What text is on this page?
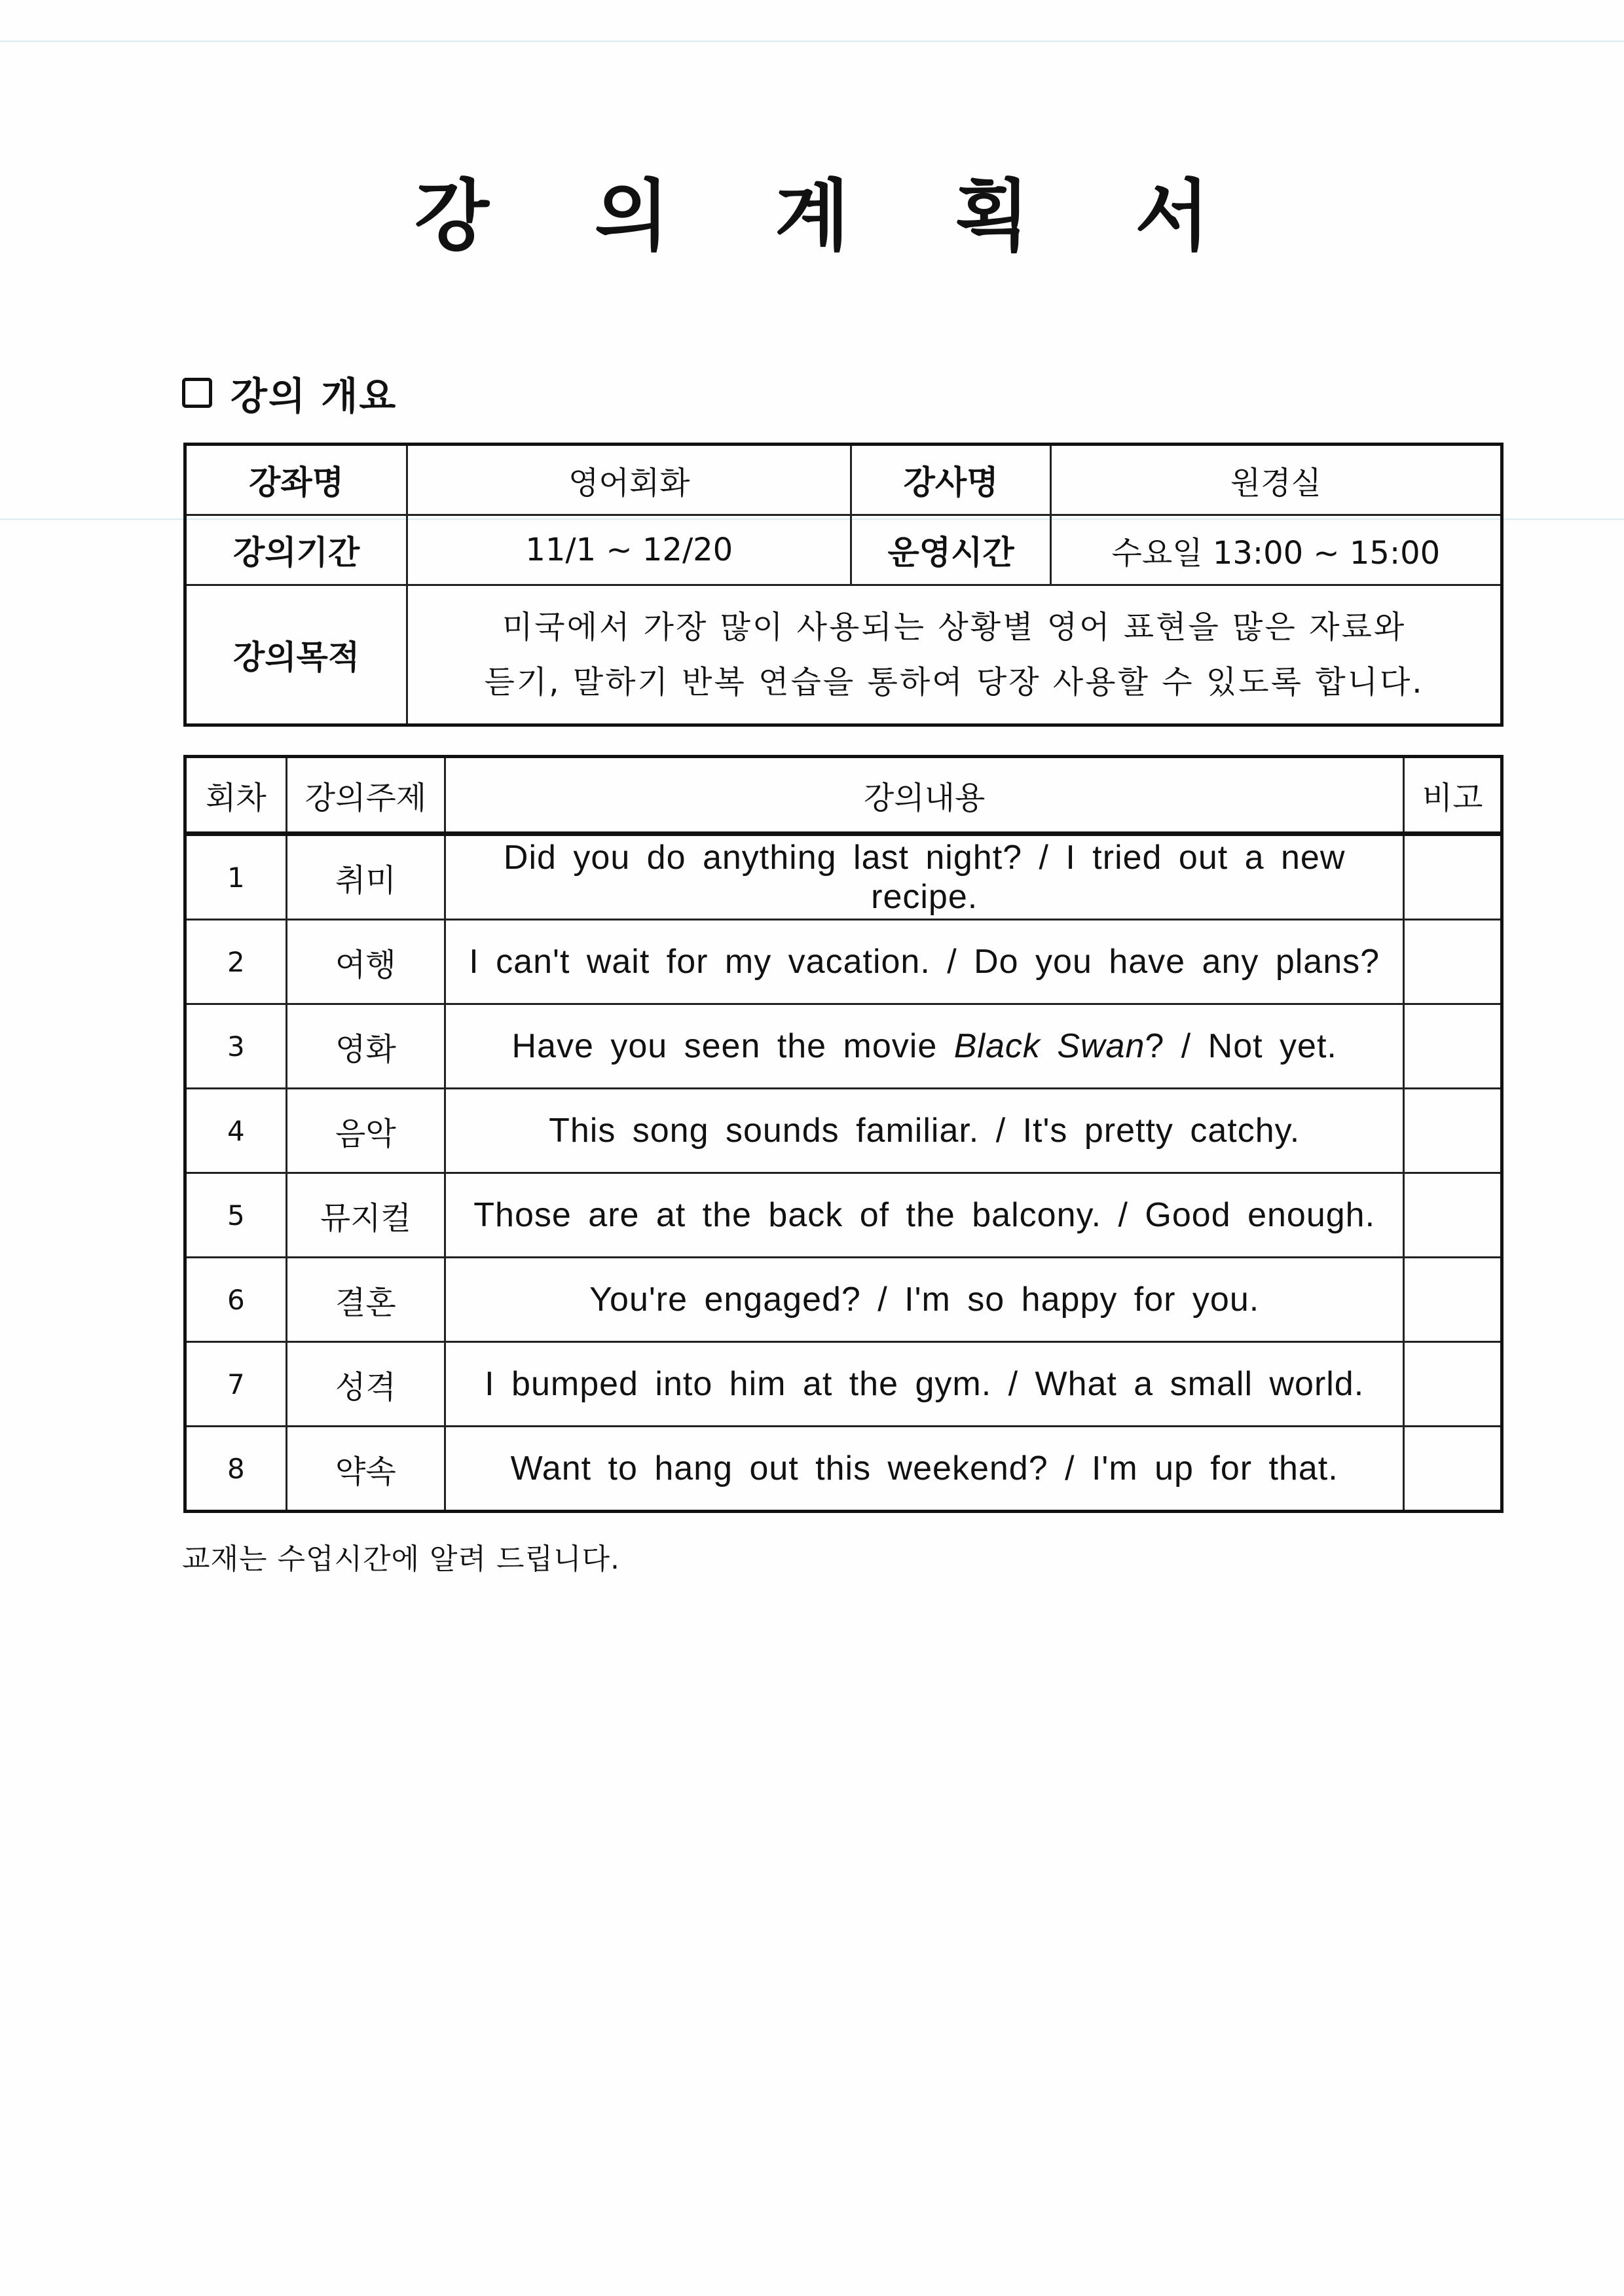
강 의 계 획 서
강의 개요
강좌명	영어회화	강사명	원경실
강의기간	11/1 ~ 12/20	운영시간	수요일 13:00 ~ 15:00
강의목적	미국에서 가장 많이 사용되는 상황별 영어 표현을 많은 자료와
듣기, 말하기 반복 연습을 통하여 당장 사용할 수 있도록 합니다.		
회차	강의주제	강의내용	비고
1	취미	Did you do anything last night? / I tried out a new recipe.	
2	여행	I can't wait for my vacation. / Do you have any plans?	
3	영화	Have you seen the movie Black Swan? / Not yet.	
4	음악	This song sounds familiar. / It's pretty catchy.	
5	뮤지컬	Those are at the back of the balcony. / Good enough.	
6	결혼	You're engaged? / I'm so happy for you.	
7	성격	I bumped into him at the gym. / What a small world.	
8	약속	Want to hang out this weekend? / I'm up for that.	
교재는 수업시간에 알려 드립니다.
